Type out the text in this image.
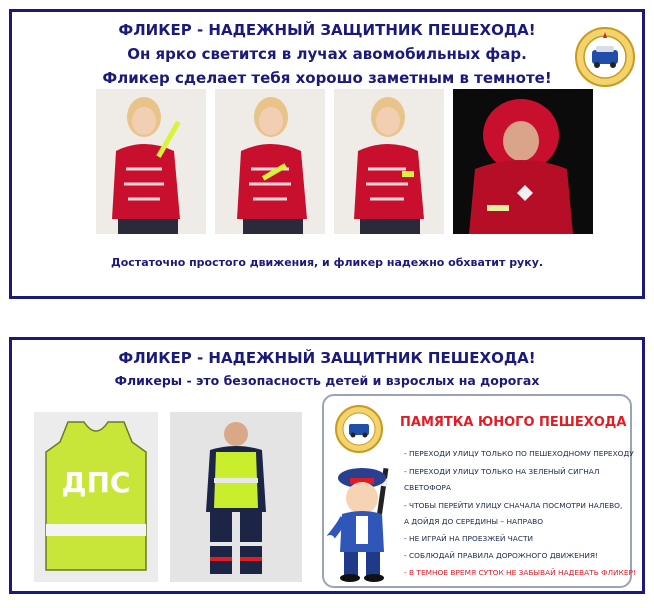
ФЛИКЕР - НАДЕЖНЫЙ ЗАЩИТНИК ПЕШЕХОДА!
Он ярко светится в лучах авомобильных фар.
Фликер сделает тебя хорошо заметным в темноте!
Достаточно простого движения, и фликер надежно обхватит руку.
ФЛИКЕР - НАДЕЖНЫЙ ЗАЩИТНИК ПЕШЕХОДА!
Фликеры - это безопасность детей и взрослых на дорогах
ДПС
ПАМЯТКА ЮНОГО ПЕШЕХОДА
- ПЕРЕХОДИ УЛИЦУ ТОЛЬКО ПО ПЕШЕХОДНОМУ ПЕРЕХОДУ
- ПЕРЕХОДИ УЛИЦУ ТОЛЬКО НА ЗЕЛЕНЫЙ СИГНАЛ
СВЕТОФОРА
- ЧТОБЫ ПЕРЕЙТИ УЛИЦУ СНАЧАЛА ПОСМОТРИ НАЛЕВО,
А ДОЙДЯ ДО СЕРЕДИНЫ – НАПРАВО
- НЕ ИГРАЙ НА ПРОЕЗЖЕЙ ЧАСТИ
- СОБЛЮДАЙ ПРАВИЛА ДОРОЖНОГО ДВИЖЕНИЯ!
- В ТЕМНОЕ ВРЕМЯ СУТОК НЕ ЗАБЫВАЙ НАДЕВАТЬ ФЛИКЕР!
